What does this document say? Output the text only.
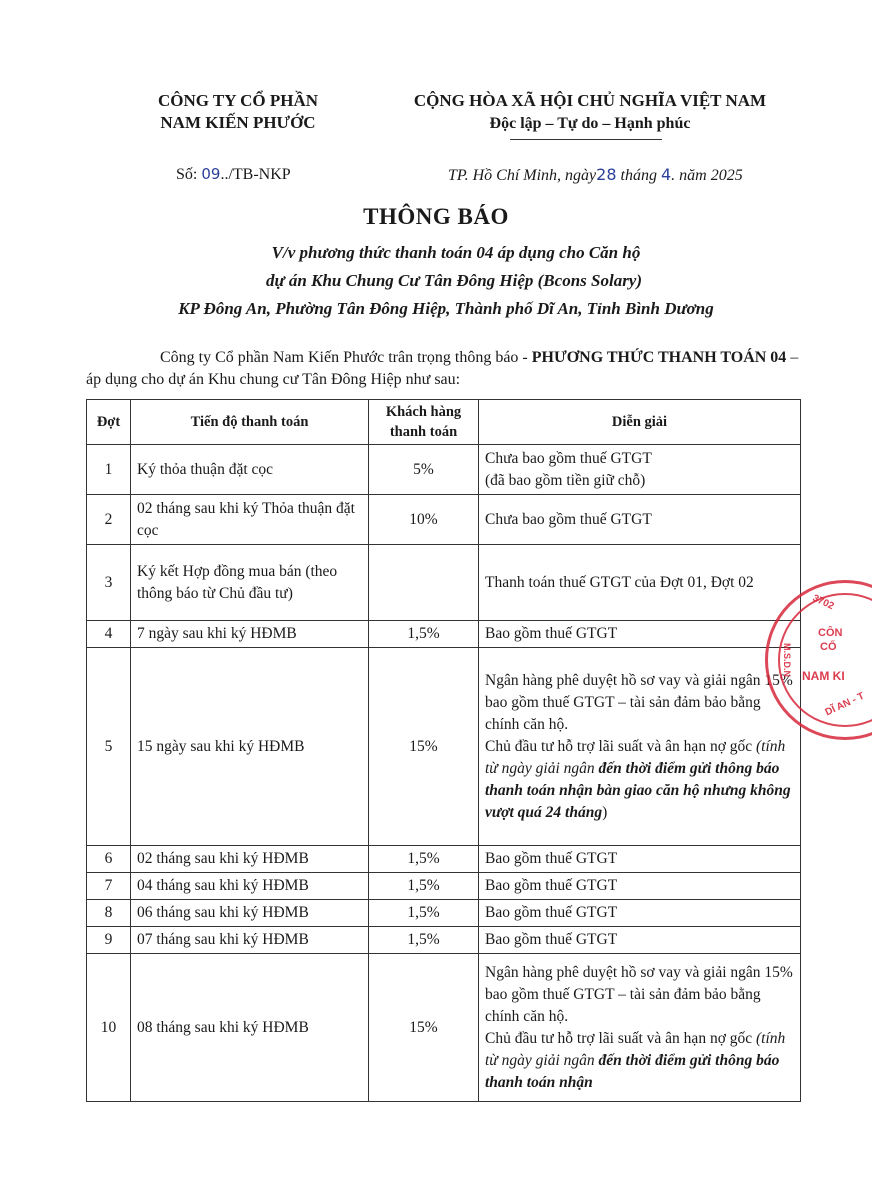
CÔNG TY CỔ PHẦN
NAM KIẾN PHƯỚC
CỘNG HÒA XÃ HỘI CHỦ NGHĨA VIỆT NAM
Độc lập – Tự do – Hạnh phúc
Số: 09../TB-NKP	TP. Hồ Chí Minh, ngày28 tháng 4. năm 2025
THÔNG BÁO
V/v phương thức thanh toán 04 áp dụng cho Căn hộ
dự án Khu Chung Cư Tân Đông Hiệp (Bcons Solary)
KP Đông An, Phường Tân Đông Hiệp, Thành phố Dĩ An, Tỉnh Bình Dương
Công ty Cổ phần Nam Kiến Phước trân trọng thông báo - PHƯƠNG THỨC THANH TOÁN 04 – áp dụng cho dự án Khu chung cư Tân Đông Hiệp như sau:
Đợt	Tiến độ thanh toán	Khách hàng
thanh toán	Diễn giải
1	Ký thỏa thuận đặt cọc	5%	Chưa bao gồm thuế GTGT
(đã bao gồm tiền giữ chỗ)
2	02 tháng sau khi ký Thỏa thuận đặt cọc	10%	Chưa bao gồm thuế GTGT
3	Ký kết Hợp đồng mua bán (theo thông báo từ Chủ đầu tư)		Thanh toán thuế GTGT của Đợt 01, Đợt 02
4	7 ngày sau khi ký HĐMB	1,5%	Bao gồm thuế GTGT
5	15 ngày sau khi ký HĐMB	15%	Ngân hàng phê duyệt hồ sơ vay và giải ngân 15% bao gồm thuế GTGT – tài sản đảm bảo bằng chính căn hộ.
Chủ đầu tư hỗ trợ lãi suất và ân hạn nợ gốc (tính từ ngày giải ngân đến thời điểm gửi thông báo thanh toán nhận bàn giao căn hộ nhưng không vượt quá 24 tháng)
6	02 tháng sau khi ký HĐMB	1,5%	Bao gồm thuế GTGT
7	04 tháng sau khi ký HĐMB	1,5%	Bao gồm thuế GTGT
8	06 tháng sau khi ký HĐMB	1,5%	Bao gồm thuế GTGT
9	07 tháng sau khi ký HĐMB	1,5%	Bao gồm thuế GTGT
10	08 tháng sau khi ký HĐMB	15%	Ngân hàng phê duyệt hồ sơ vay và giải ngân 15% bao gồm thuế GTGT – tài sản đảm bảo bằng chính căn hộ.
Chủ đầu tư hỗ trợ lãi suất và ân hạn nợ gốc (tính từ ngày giải ngân đến thời điểm gửi thông báo thanh toán nhận
3702
CÔN
CỔ
NAM KI
M.S.D.N
DĨ AN - T
